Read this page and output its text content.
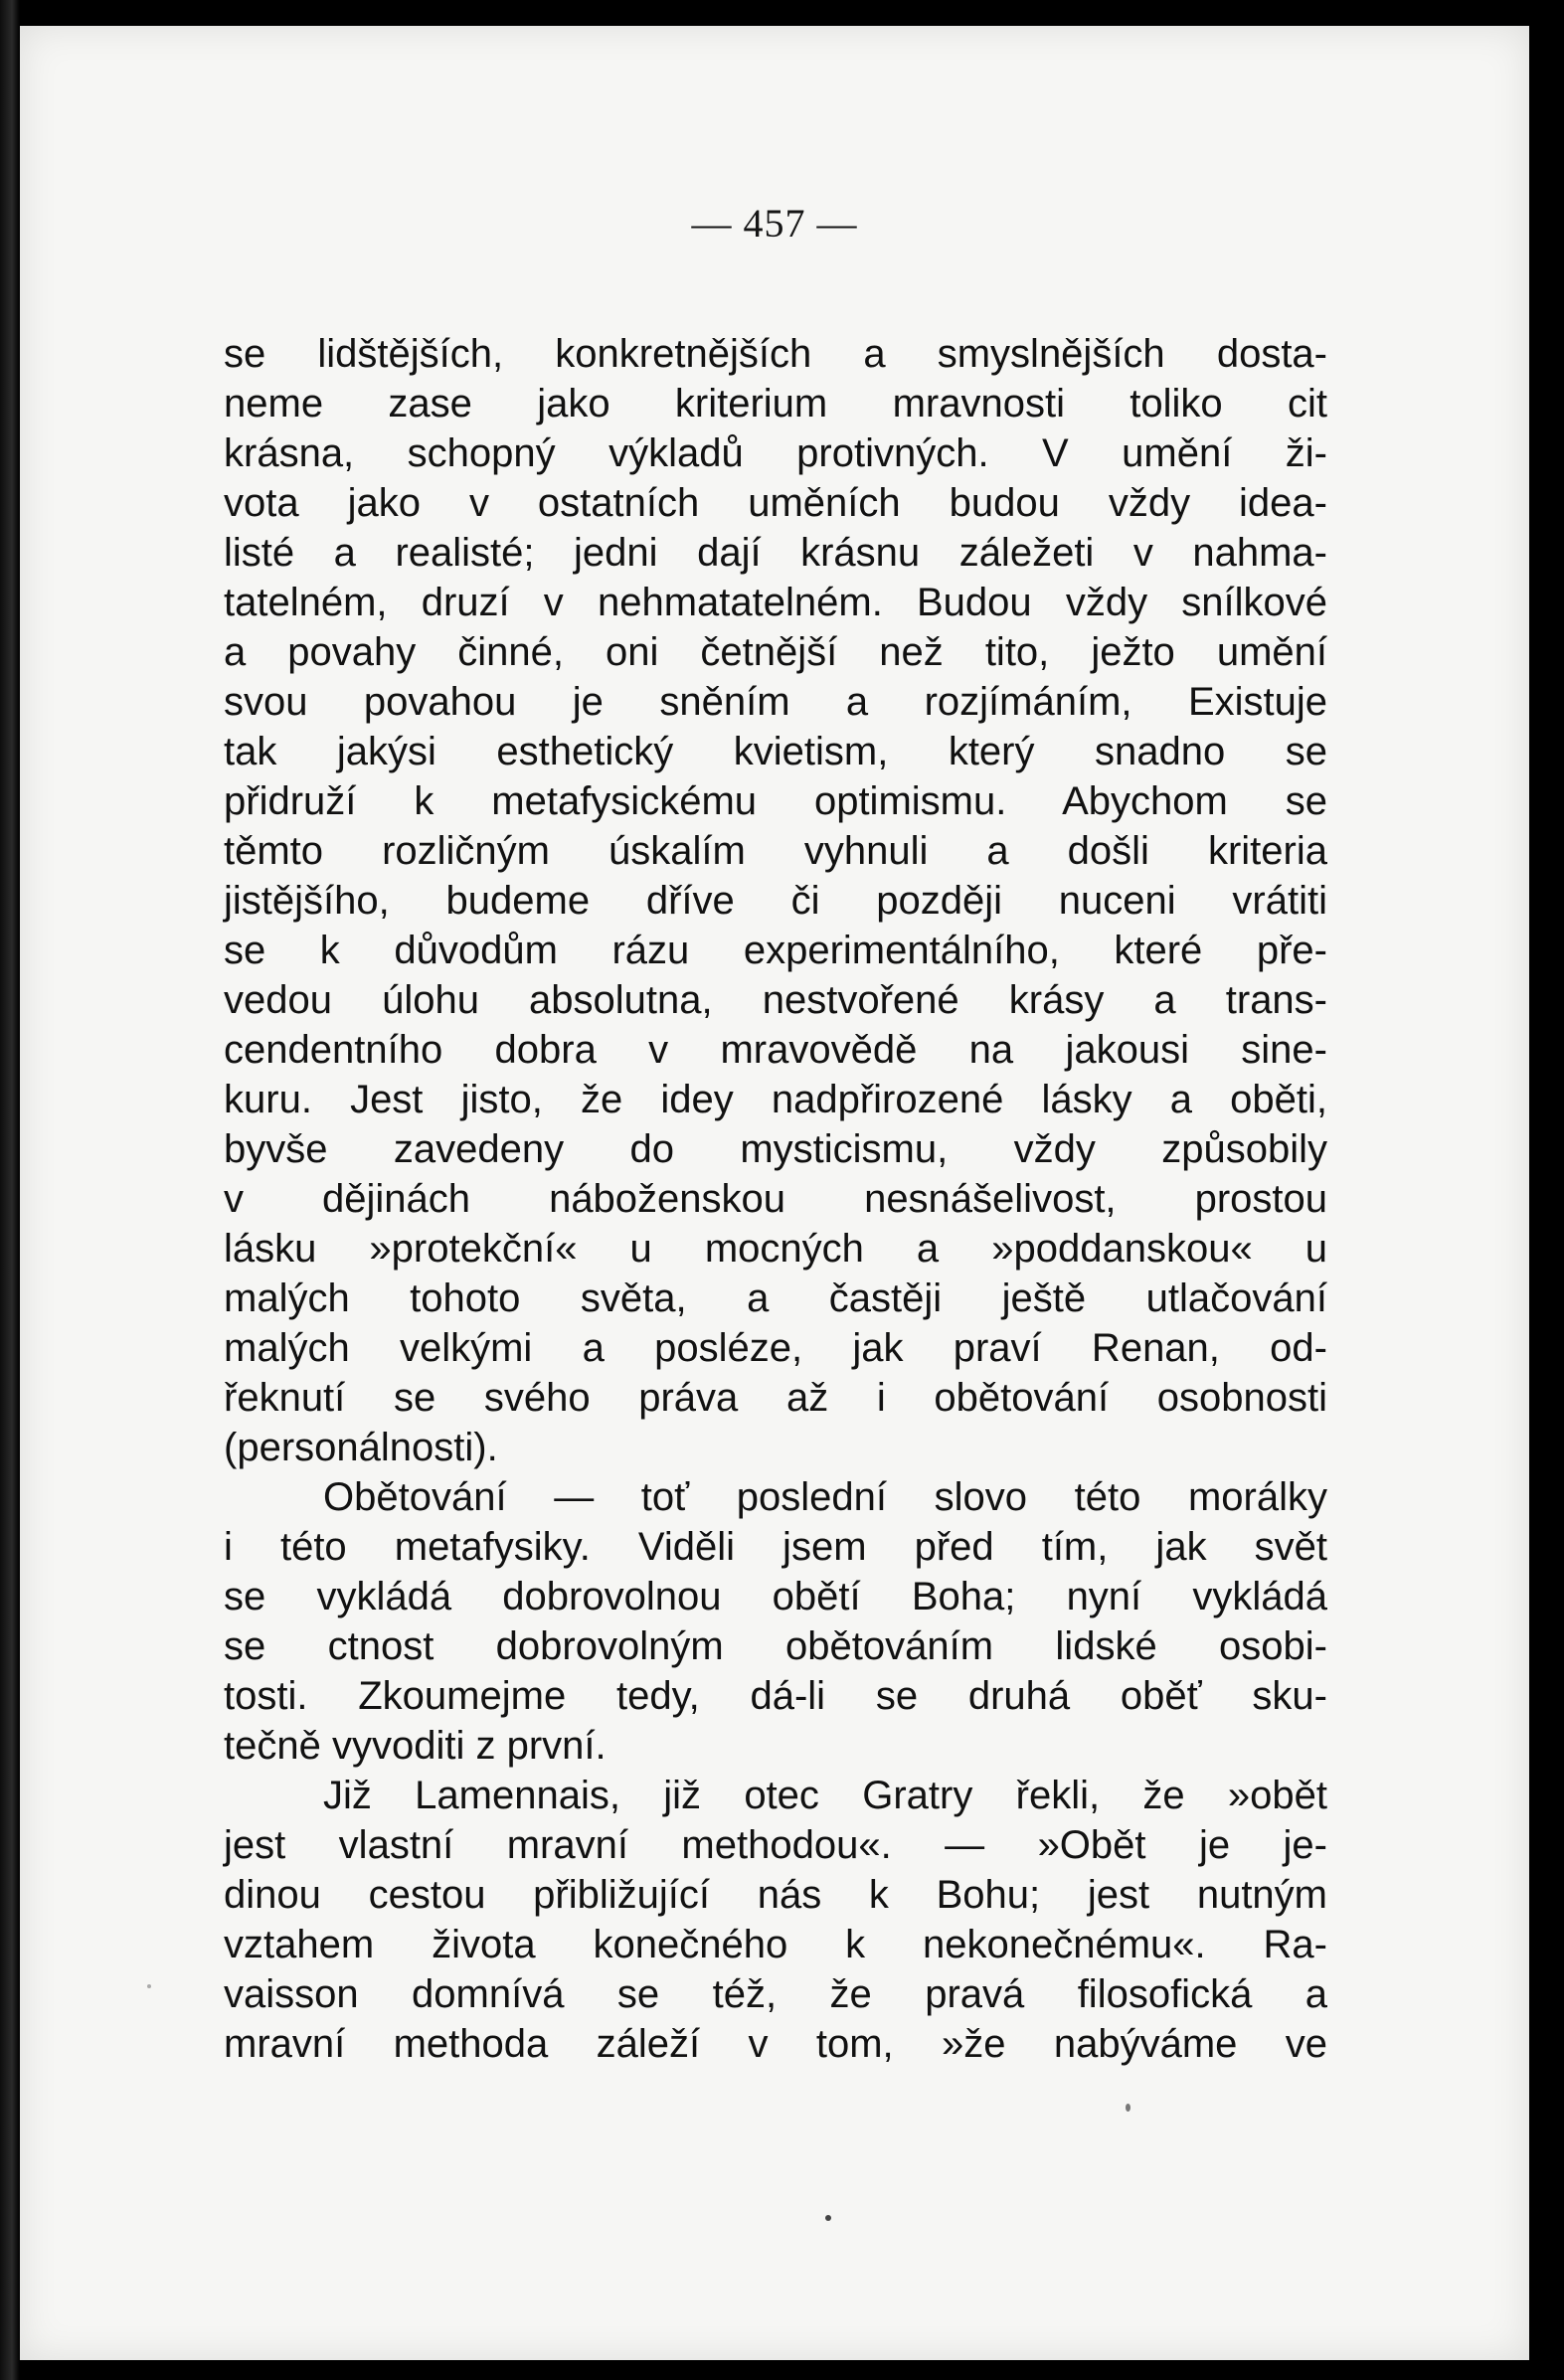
— 457 —
se lidštějších, konkretnějších a smyslnějších dosta-
neme zase jako kriterium mravnosti toliko cit
krásna, schopný výkladů protivných. V umění ži-
vota jako v ostatních uměních budou vždy idea-
listé a realisté; jedni dají krásnu záležeti v nahma-
tatelném, druzí v nehmatatelném. Budou vždy snílkové
a povahy činné, oni četnější než tito, ježto umění
svou povahou je sněním a rozjímáním, Existuje
tak jakýsi esthetický kvietism, který snadno se
přidruží k metafysickému optimismu. Abychom se
těmto rozličným úskalím vyhnuli a došli kriteria
jistějšího, budeme dříve či později nuceni vrátiti
se k důvodům rázu experimentálního, které pře-
vedou úlohu absolutna, nestvořené krásy a trans-
cendentního dobra v mravovědě na jakousi sine-
kuru. Jest jisto, že idey nadpřirozené lásky a oběti,
byvše zavedeny do mysticismu, vždy způsobily
v dějinách náboženskou nesnášelivost, prostou
lásku »protekční« u mocných a »poddanskou« u
malých tohoto světa, a častěji ještě utlačování
malých velkými a posléze, jak praví Renan, od-
řeknutí se svého práva až i obětování osobnosti
(personálnosti).
Obětování — toť poslední slovo této morálky
i této metafysiky. Viděli jsem před tím, jak svět
se vykládá dobrovolnou obětí Boha; nyní vykládá
se ctnost dobrovolným obětováním lidské osobi-
tosti. Zkoumejme tedy, dá-li se druhá oběť sku-
tečně vyvoditi z první.
Již Lamennais, již otec Gratry řekli, že »obět
jest vlastní mravní methodou«. — »Obět je je-
dinou cestou přibližující nás k Bohu; jest nutným
vztahem života konečného k nekonečnému«. Ra-
vaisson domnívá se též, že pravá filosofická a
mravní methoda záleží v tom, »že nabýváme ve
